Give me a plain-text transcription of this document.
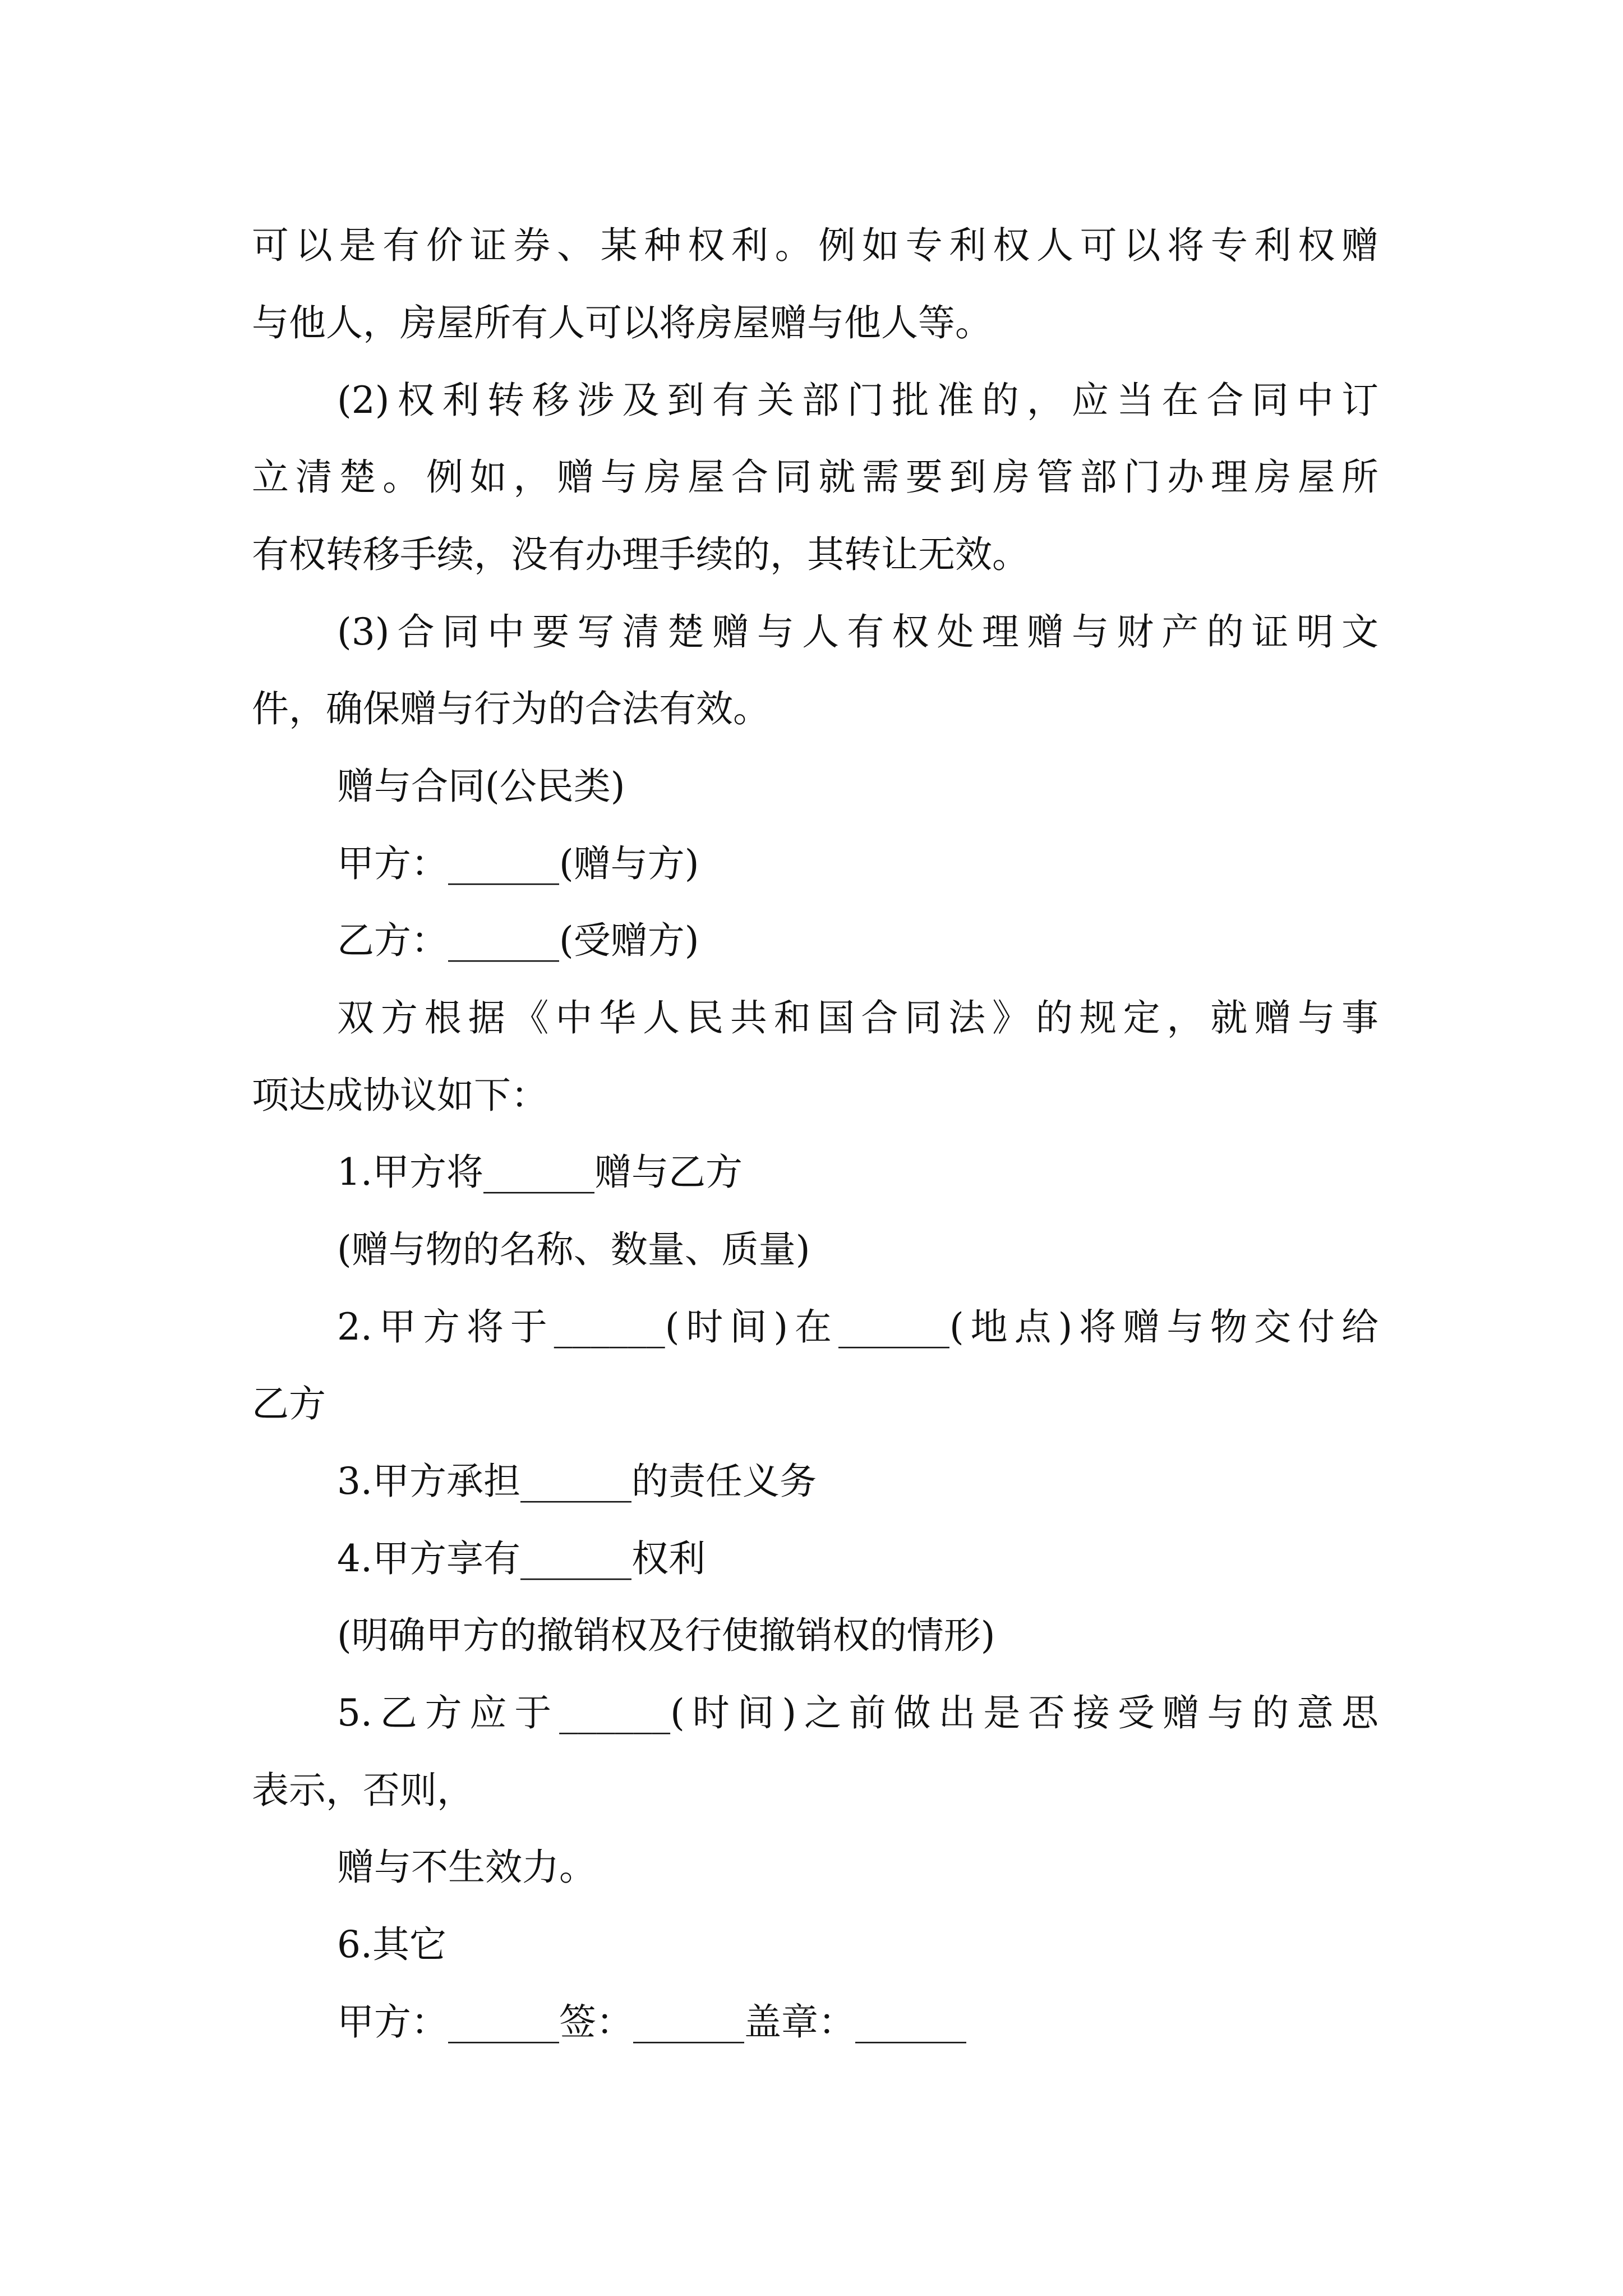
可以是有价证券、某种权利。例如专利权人可以将专利权赠

与他人，房屋所有人可以将房屋赠与他人等。

(2)权利转移涉及到有关部门批准的，应当在合同中订

立清楚。例如，赠与房屋合同就需要到房管部门办理房屋所

有权转移手续，没有办理手续的，其转让无效。

(3)合同中要写清楚赠与人有权处理赠与财产的证明文

件，确保赠与行为的合法有效。

赠与合同(公民类)

甲方：______(赠与方)

乙方：______(受赠方)

双方根据《中华人民共和国合同法》的规定，就赠与事

项达成协议如下：

1.甲方将______赠与乙方

(赠与物的名称、数量、质量)

2.甲方将于______(时间)在______(地点)将赠与物交付给

乙方

3.甲方承担______的责任义务

4.甲方享有______权利

(明确甲方的撤销权及行使撤销权的情形)

5.乙方应于______(时间)之前做出是否接受赠与的意思

表示，否则，

赠与不生效力。

6.其它

甲方：______签：______盖章：______
